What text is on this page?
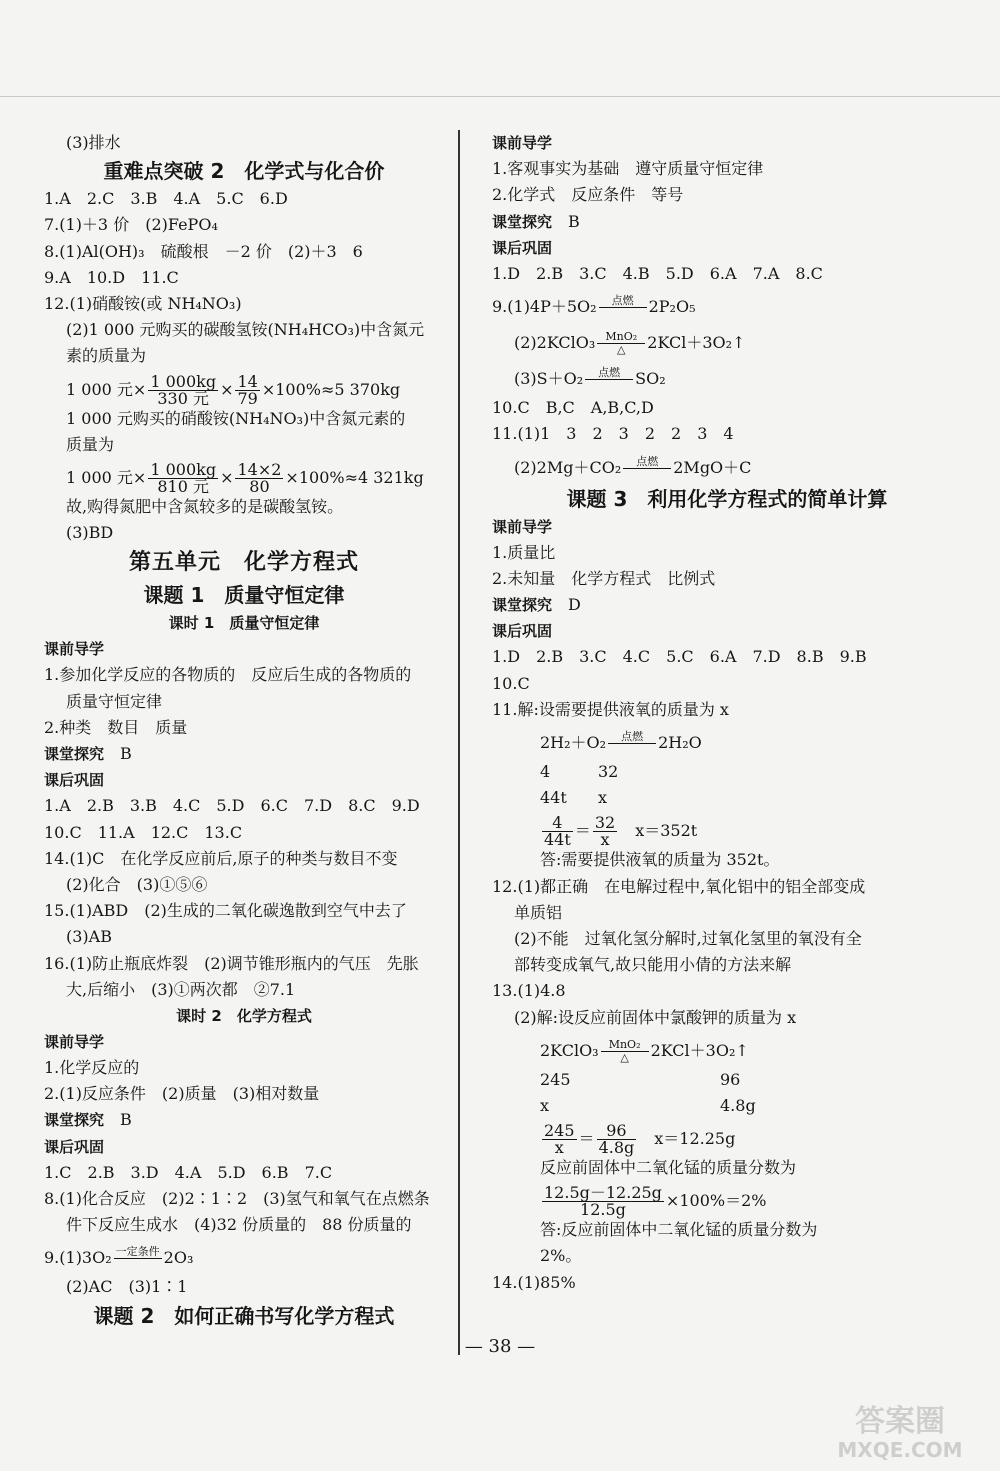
(3)排水
重难点突破 2　化学式与化合价
1.A　2.C　3.B　4.A　5.C　6.D
7.(1)＋3 价　(2)FePO₄
8.(1)Al(OH)₃　硫酸根　－2 价　(2)＋3　6
9.A　10.D　11.C
12.(1)硝酸铵(或 NH₄NO₃)
(2)1 000 元购买的碳酸氢铵(NH₄HCO₃)中含氮元
素的质量为
1 000 元× $\frac{1 000kg}{\text{330 元}} \times \frac{14}{79} \times 100\%\approx 5$ 370kg
1 000 元购买的硝酸铵(NH₄NO₃)中含氮元素的
质量为
1 000 元× $\frac{1 000kg}{\text{810 元}} \times \frac{14\times 2}{80} \times 100\%\approx 4$ 321kg
故,购得氮肥中含氮较多的是碳酸氢铵。
(3)BD
第五单元　化学方程式
课题 1　质量守恒定律
课时 1　质量守恒定律
课前导学
1.参加化学反应的各物质的　反应后生成的各物质的
质量守恒定律
2.种类　数目　质量
课堂探究　 B
课后巩固
1.A　2.B　3.B　4.C　5.D　6.C　7.D　8.C　9.D
10.C　11.A　12.C　13.C
14.(1)C　在化学反应前后,原子的种类与数目不变
(2)化合　(3)①⑤⑥
15.(1)ABD　(2)生成的二氧化碳逸散到空气中去了
(3)AB
16.(1)防止瓶底炸裂　(2)调节锥形瓶内的气压　先胀
大,后缩小　(3)①两次都　②7.1
课时 2　化学方程式
课前导学
1.化学反应的
2.(1)反应条件　(2)质量　(3)相对数量
课堂探究　 B
课后巩固
1.C　2.B　3.D　4.A　5.D　6.B　7.C
8.(1)化合反应　(2)2∶1∶2　(3)氢气和氧气在点燃条
件下反应生成水　(4)32 份质量的　88 份质量的
9.(1)3O₂ 一定条件 2O₃
(2)AC　(3)1∶1
课题 2　如何正确书写化学方程式
课前导学
1.客观事实为基础　遵守质量守恒定律
2.化学式　反应条件　等号
课堂探究　 B
课后巩固
1.D　2.B　3.C　4.B　5.D　6.A　7.A　8.C
9.(1)4P＋5O₂	点燃 2P₂O₅
(2)2KClO₃ MnO₂
△	2KCl＋3O₂↑
(3)S＋O₂	点燃 SO₂
10.C　B,C　A,B,C,D
11.(1)1　3　2　3　2　2　3　4
(2)2Mg＋CO₂	点燃 2MgO＋C
课题 3　利用化学方程式的简单计算
课前导学
1.质量比
2.未知量　化学方程式　比例式
课堂探究　 D
课后巩固
1.D　2.B　3.C　4.C　5.C　6.A　7.D　8.B　9.B
10.C
11.解:设需要提供液氧的质量为 x
2H₂＋O₂	点燃 2H₂O
4	32
44t x
$\frac{4}{44t} = \frac{32}{x}$
　 x＝352t
答:需要提供液氧的质量为 352t。
12.(1)都正确　在电解过程中,氧化铝中的铝全部变成
单质铝
(2)不能　过氧化氢分解时,过氧化氢里的氧没有全
部转变成氧气,故只能用小倩的方法来解
13.(1)4.8
(2)解:设反应前固体中氯酸钾的质量为 x
2KClO₃ MnO₂
△	2KCl＋3O₂↑
245	96
x	4.8g
$\frac{245}{x} = \frac{96}{4.8g}$
　 x＝12.25g
反应前固体中二氧化锰的质量分数为
$\frac{12.5g-12.25g}{12.5g} \times 100\%=2\%$
答:反应前固体中二氧化锰的质量分数为
2%。
14.(1)85%
— 38 —
答案圈
MXQE.COM
